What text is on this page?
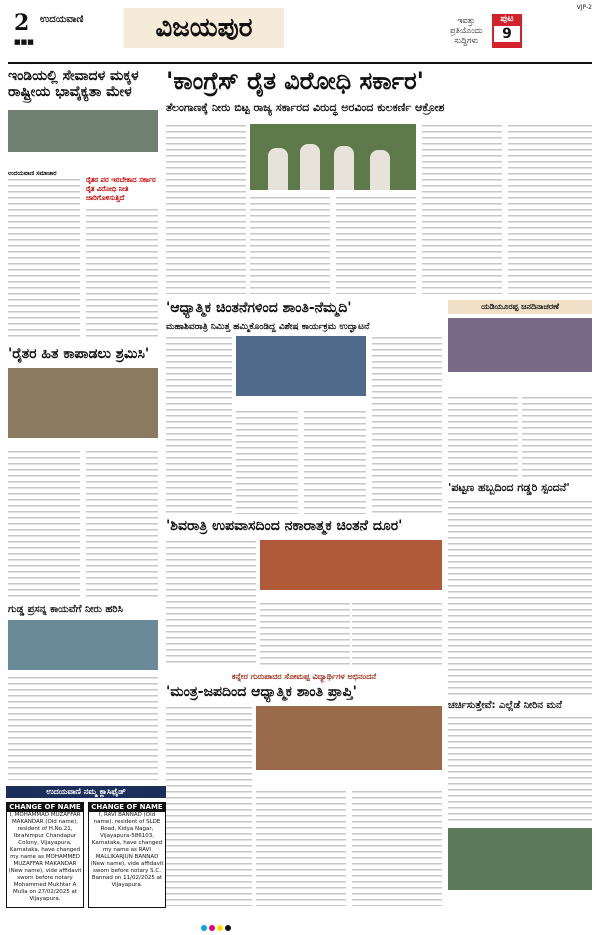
2 ಉದಯವಾಣಿ
■■■	ವಿಜಯಪುರ	ಇವತ್ತು
ಪ್ರತಿಯೊಂದು
ಸುದ್ದಿಗಳು
ಪುಟ
9
VJP-2
ಇಂಡಿಯಲ್ಲಿ ಸೇವಾದಳ ಮಕ್ಕಳ ರಾಷ್ಟ್ರೀಯ ಭಾವೈಕ್ಯತಾ ಮೇಳ
ಉದಯವಾಣಿ ಸಮಾಚಾರ
ರೈತರ ಪರ ಇರಬೇಕಾದ ಸರ್ಕಾರ ರೈತ ವಿರೋಧಿ ನೀತಿ ಜಾರಿಗೊಳಿಸುತ್ತಿದೆ
'ಕಾಂಗ್ರೆಸ್ ರೈತ ವಿರೋಧಿ ಸರ್ಕಾರ'
ತೆಲಂಗಾಣಕ್ಕೆ ನೀರು ಬಿಟ್ಟ ರಾಜ್ಯ ಸರ್ಕಾರದ ವಿರುದ್ಧ ಅರವಿಂದ ಕುಲಕರ್ಣಿ ಆಕ್ರೋಶ
'ರೈತರ ಹಿತ ಕಾಪಾಡಲು ಶ್ರಮಿಸಿ'
'ಆಧ್ಯಾತ್ಮಿಕ ಚಿಂತನೆಗಳಿಂದ ಶಾಂತಿ-ನೆಮ್ಮದಿ'
ಮಹಾಶಿವರಾತ್ರಿ ನಿಮಿತ್ತ ಹಮ್ಮಿಕೊಂಡಿದ್ದ ವಿಶೇಷ ಕಾರ್ಯಕ್ರಮ ಉದ್ಘಾಟನೆ
ಯಡಿಯೂರಪ್ಪ ಜನದಿನಾಚರಣೆ
'ಪಟ್ಟಣ ಹಬ್ಬದಿಂದ ಗಡ್ಡರಿ ಸ್ಪಂದನೆ'
'ಶಿವರಾತ್ರಿ ಉಪವಾಸದಿಂದ ನಕಾರಾತ್ಮಕ ಚಿಂತನೆ ದೂರ'
ಗುಡ್ಡ ಪ್ರಸನ್ನ ಕಾಯವೆಗೆ ನೀರು ಹರಿಸಿ
ಕನ್ನೇರ ಗುರುಪಾದರ ಸೋಮಪ್ಪ ವಿದ್ಯಾರ್ಥಿಗಳ ಅಭಿನಂದನೆ
'ಮಂತ್ರ-ಜಪದಿಂದ ಆಧ್ಯಾತ್ಮಿಕ ಶಾಂತಿ ಪ್ರಾಪ್ತಿ'
ಚರ್ಚಿಸುತ್ತೇವೆ: ಎಲ್ಲೆಡೆ ನೀರಿನ ಮನೆ
ಉದಯವಾಣಿ ನಮ್ಮ ಕ್ಲಾಸಿಫೈಡ್
CHANGE OF NAME
I, MOHAMMAD MUZAFFAR MAKANDAR (Old name), resident of H.No.21, Ibrahimpur Chandapur Colony, Vijayapura, Karnataka, have changed my name as MOHAMMED MUZAFFAR MAKANDAR (New name), vide affidavit sworn before notary Mohammed Mukhtar A Mulla on 27/02/2025 at Vijayapura.
CHANGE OF NAME
I, RAVI BANNAD (Old name), resident of SLDE Road, Kidya Nagar, Vijayapura-586103, Karnataka, have changed my name as RAVI MALLIKARJUN BANNAD (New name), vide affidavit sworn before notary S.C. Bannad on 11/02/2025 at Vijayapura.
